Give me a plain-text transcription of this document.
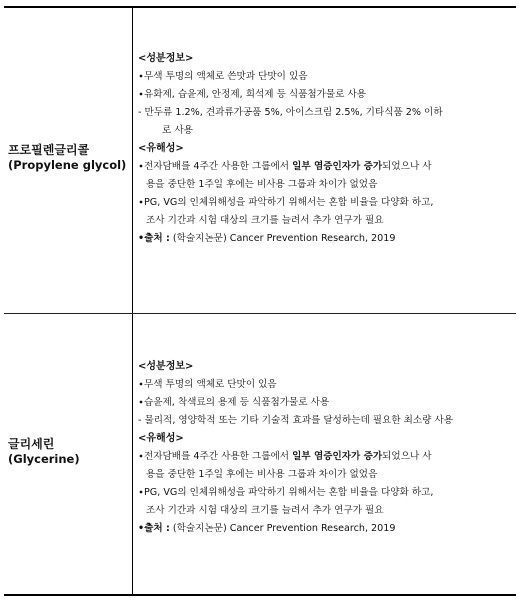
프로필렌글리콜
(Propylene glycol)
<성분정보>
∙무색 투명의 액체로 쓴맛과 단맛이 있음
∙유화제, 습윤제, 안정제, 희석제 등 식품첨가물로 사용
- 만두류 1.2%, 견과류가공품 5%, 아이스크림 2.5%, 기타식품 2% 이하
로 사용
<유해성>
∙전자담배를 4주간 사용한 그룹에서 일부 염증인자가 증가되었으나 사
용을 중단한 1주일 후에는 비사용 그룹과 차이가 없었음
∙PG, VG의 인체위해성을 파악하기 위해서는 혼합 비율을 다양화 하고,
조사 기간과 시험 대상의 크기를 늘려서 추가 연구가 필요
•출처 : (학술지논문) Cancer Prevention Research, 2019
글리세린
(Glycerine)
<성분정보>
∙무색 투명의 액체로 단맛이 있음
∙습윤제, 착색료의 용제 등 식품첨가물로 사용
- 물리적, 영양학적 또는 기타 기술적 효과를 달성하는데 필요한 최소량 사용
<유해성>
∙전자담배를 4주간 사용한 그룹에서 일부 염증인자가 증가되었으나 사
용을 중단한 1주일 후에는 비사용 그룹과 차이가 없었음
∙PG, VG의 인체위해성을 파악하기 위해서는 혼합 비율을 다양화 하고,
조사 기간과 시험 대상의 크기를 늘려서 추가 연구가 필요
•출처 : (학술지논문) Cancer Prevention Research, 2019
